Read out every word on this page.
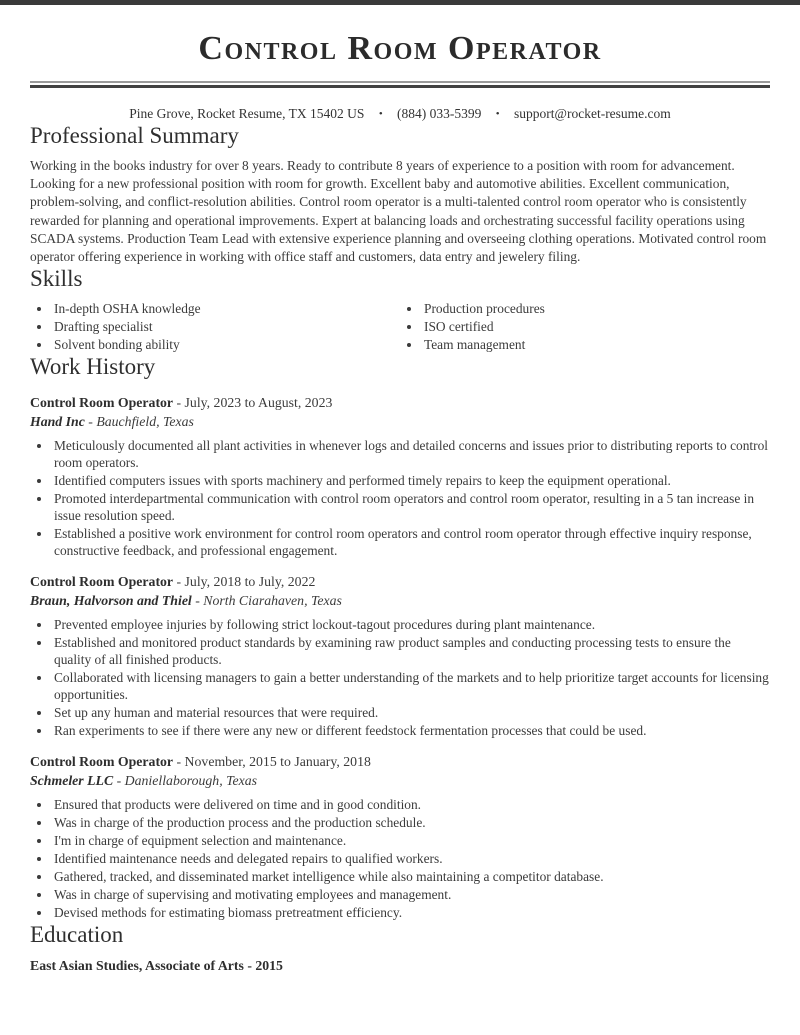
Control Room Operator
Pine Grove, Rocket Resume, TX 15402 US • (884) 033-5399 • support@rocket-resume.com
Professional Summary

Working in the books industry for over 8 years. Ready to contribute 8 years of experience to a position with room for advancement. Looking for a new professional position with room for growth. Excellent baby and automotive abilities. Excellent communication, problem-solving, and conflict-resolution abilities. Control room operator is a multi-talented control room operator who is consistently rewarded for planning and operational improvements. Expert at balancing loads and orchestrating successful facility operations using SCADA systems. Production Team Lead with extensive experience planning and overseeing clothing operations. Motivated control room operator offering experience in working with office staff and customers, data entry and jewelery filing.

Skills
• In-depth OSHA knowledge
• Drafting specialist
• Solvent bonding ability
• Production procedures
• ISO certified
• Team management
Work History

Control Room Operator - July, 2023 to August, 2023

Hand Inc - Bauchfield, Texas

• Meticulously documented all plant activities in whenever logs and detailed concerns and issues prior to distributing reports to control room operators.
• Identified computers issues with sports machinery and performed timely repairs to keep the equipment operational.
• Promoted interdepartmental communication with control room operators and control room operator, resulting in a 5 tan increase in issue resolution speed.
• Established a positive work environment for control room operators and control room operator through effective inquiry response, constructive feedback, and professional engagement.

Control Room Operator - July, 2018 to July, 2022

Braun, Halvorson and Thiel - North Ciarahaven, Texas

• Prevented employee injuries by following strict lockout-tagout procedures during plant maintenance.
• Established and monitored product standards by examining raw product samples and conducting processing tests to ensure the quality of all finished products.
• Collaborated with licensing managers to gain a better understanding of the markets and to help prioritize target accounts for licensing opportunities.
• Set up any human and material resources that were required.
• Ran experiments to see if there were any new or different feedstock fermentation processes that could be used.

Control Room Operator - November, 2015 to January, 2018

Schmeler LLC - Daniellaborough, Texas

• Ensured that products were delivered on time and in good condition.
• Was in charge of the production process and the production schedule.
• I'm in charge of equipment selection and maintenance.
• Identified maintenance needs and delegated repairs to qualified workers.
• Gathered, tracked, and disseminated market intelligence while also maintaining a competitor database.
• Was in charge of supervising and motivating employees and management.
• Devised methods for estimating biomass pretreatment efficiency.
Education

East Asian Studies, Associate of Arts - 2015
